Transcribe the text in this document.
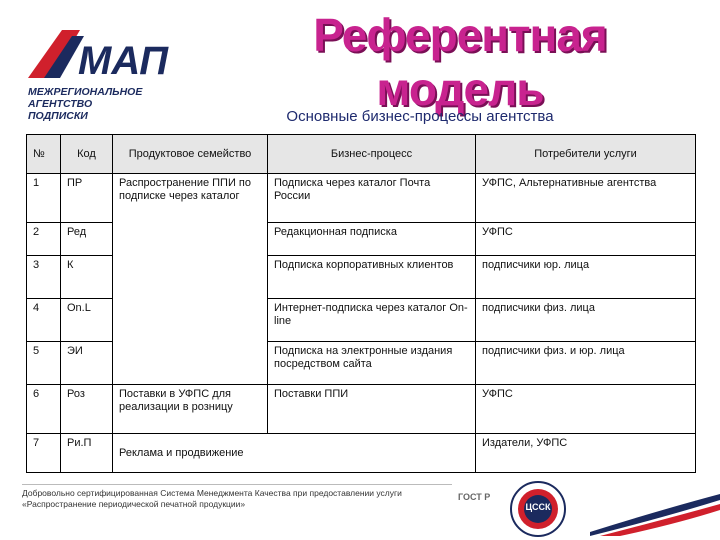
МАП
МЕЖРЕГИОНАЛЬНОЕ
АГЕНТСТВО
ПОДПИСКИ
Референтная модель
Основные бизнес-процессы агентства
№	Код	Продуктовое семейство	Бизнес-процесс	Потребители услуги
1	ПР	Распространение ППИ по подписке через каталог	Подписка через каталог Почта России	УФПС, Альтернативные агентства
2	Ред		Редакционная подписка	УФПС
3	К		Подписка корпоративных клиентов	подписчики юр. лица
4	On.L		Интернет-подписка через каталог On-line	подписчики физ. лица
5	ЭИ		Подписка на электронные издания посредством сайта	подписчики физ. и юр. лица
6	Роз	Поставки в УФПС для реализации в розницу	Поставки ППИ	УФПС
7	Ри.П	Реклама и продвижение		Издатели, УФПС
Добровольно сертифицированная Система Менеджмента Качества при предоставлении услуги
«Распространение периодической печатной продукции»
ГОСТ Р
ЦССК
